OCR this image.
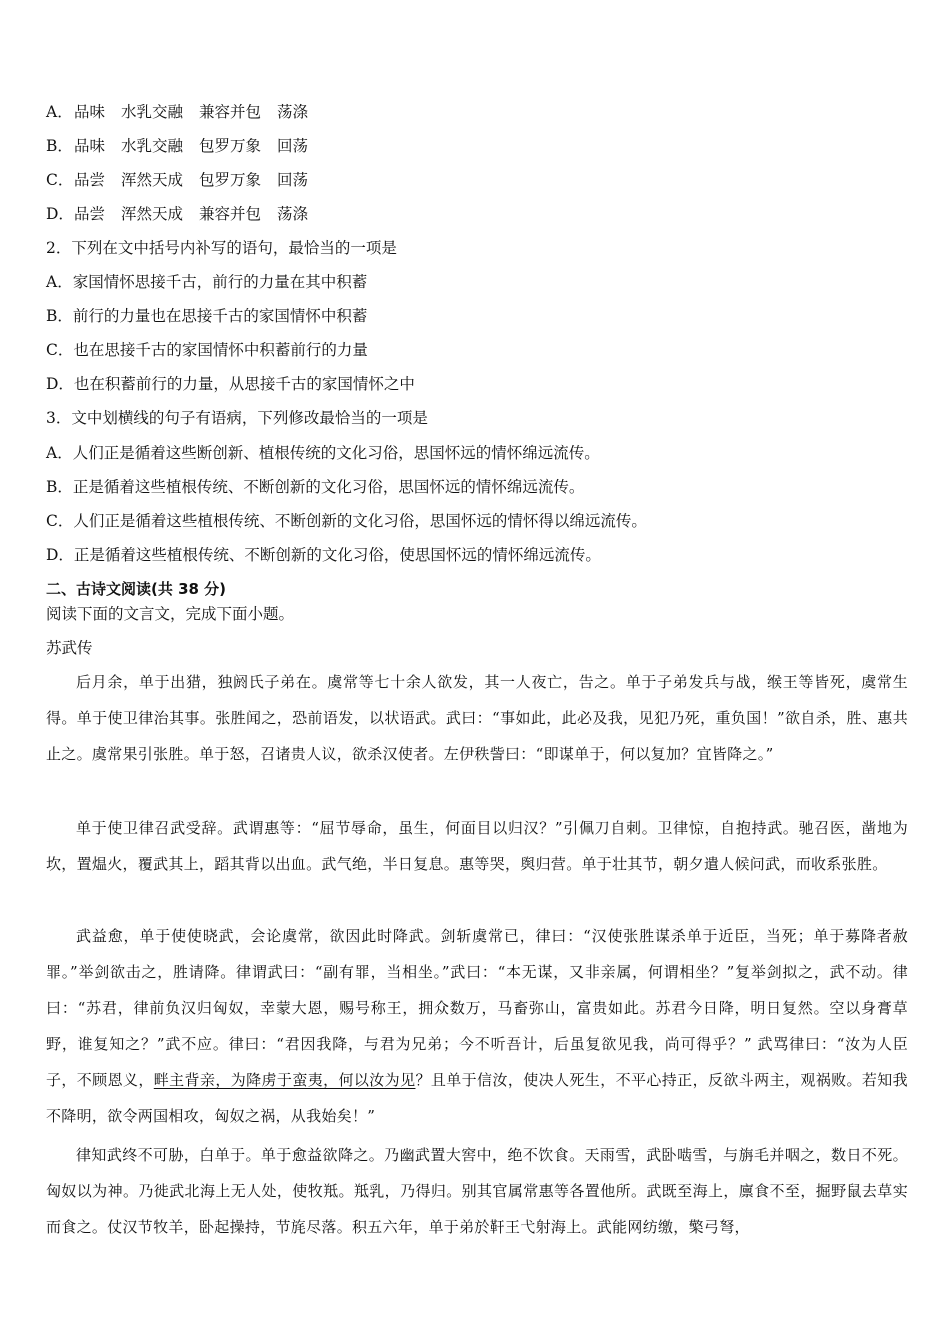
A．品味 水乳交融 兼容并包 荡涤
B．品味 水乳交融 包罗万象 回荡
C．品尝 浑然天成 包罗万象 回荡
D．品尝 浑然天成 兼容并包 荡涤
2．下列在文中括号内补写的语句，最恰当的一项是
A．家国情怀思接千古，前行的力量在其中积蓄
B．前行的力量也在思接千古的家国情怀中积蓄
C．也在思接千古的家国情怀中积蓄前行的力量
D．也在积蓄前行的力量，从思接千古的家国情怀之中
3．文中划横线的句子有语病，下列修改最恰当的一项是
A．人们正是循着这些断创新、植根传统的文化习俗，思国怀远的情怀绵远流传。
B．正是循着这些植根传统、不断创新的文化习俗，思国怀远的情怀绵远流传。
C．人们正是循着这些植根传统、不断创新的文化习俗，思国怀远的情怀得以绵远流传。
D．正是循着这些植根传统、不断创新的文化习俗，使思国怀远的情怀绵远流传。
二、古诗文阅读(共 38 分)
阅读下面的文言文，完成下面小题。
苏武传
后月余，单于出猎，独阏氏子弟在。虞常等七十余人欲发，其一人夜亡，告之。单于子弟发兵与战，缑王等皆死，虞常生得。单于使卫律治其事。张胜闻之，恐前语发，以状语武。武曰：“事如此，此必及我，见犯乃死，重负国！”欲自杀，胜、惠共止之。虞常果引张胜。单于怒，召诸贵人议，欲杀汉使者。左伊秩訾曰：“即谋单于，何以复加？宜皆降之。”
单于使卫律召武受辞。武谓惠等：“屈节辱命，虽生，何面目以归汉？”引佩刀自刺。卫律惊，自抱持武。驰召医，凿地为坎，置煴火，覆武其上，蹈其背以出血。武气绝，半日复息。惠等哭，舆归营。单于壮其节，朝夕遣人候问武，而收系张胜。
武益愈，单于使使晓武，会论虞常，欲因此时降武。剑斩虞常已，律曰：“汉使张胜谋杀单于近臣，当死；单于募降者赦罪。”举剑欲击之，胜请降。律谓武曰：“副有罪，当相坐。”武曰：“本无谋，又非亲属，何谓相坐？”复举剑拟之，武不动。律曰：“苏君，律前负汉归匈奴，幸蒙大恩，赐号称王，拥众数万，马畜弥山，富贵如此。苏君今日降，明日复然。空以身膏草野，谁复知之？”武不应。律曰：“君因我降，与君为兄弟；今不听吾计，后虽复欲见我，尚可得乎？” 武骂律曰：“汝为人臣子，不顾恩义，畔主背亲，为降虏于蛮夷，何以汝为见？且单于信汝，使决人死生，不平心持正，反欲斗两主，观祸败。若知我不降明，欲令两国相攻，匈奴之祸，从我始矣！”
律知武终不可胁，白单于。单于愈益欲降之。乃幽武置大窖中，绝不饮食。天雨雪，武卧啮雪，与旃毛并咽之，数日不死。匈奴以为神。乃徙武北海上无人处，使牧羝。羝乳，乃得归。别其官属常惠等各置他所。武既至海上，廪食不至，掘野鼠去草实而食之。仗汉节牧羊，卧起操持，节旄尽落。积五六年，单于弟於靬王弋射海上。武能网纺缴，檠弓弩，
